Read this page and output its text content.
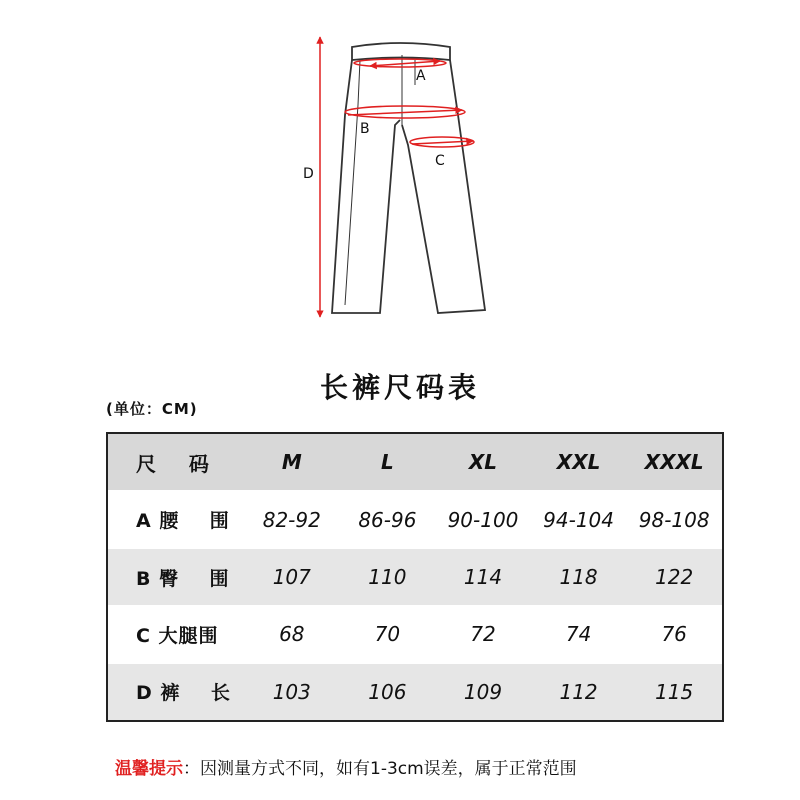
A
B
C
D
长裤尺码表
(单位：CM)
尺    码	M	L	XL	XXL	XXXL
A 腰    围	82-92	86-96	90-100	94-104	98-108
B 臀    围	107	110	114	118	122
C 大腿围	68	70	72	74	76
D 裤    长	103	106	109	112	115
温馨提示：因测量方式不同，如有1-3cm误差，属于正常范围
